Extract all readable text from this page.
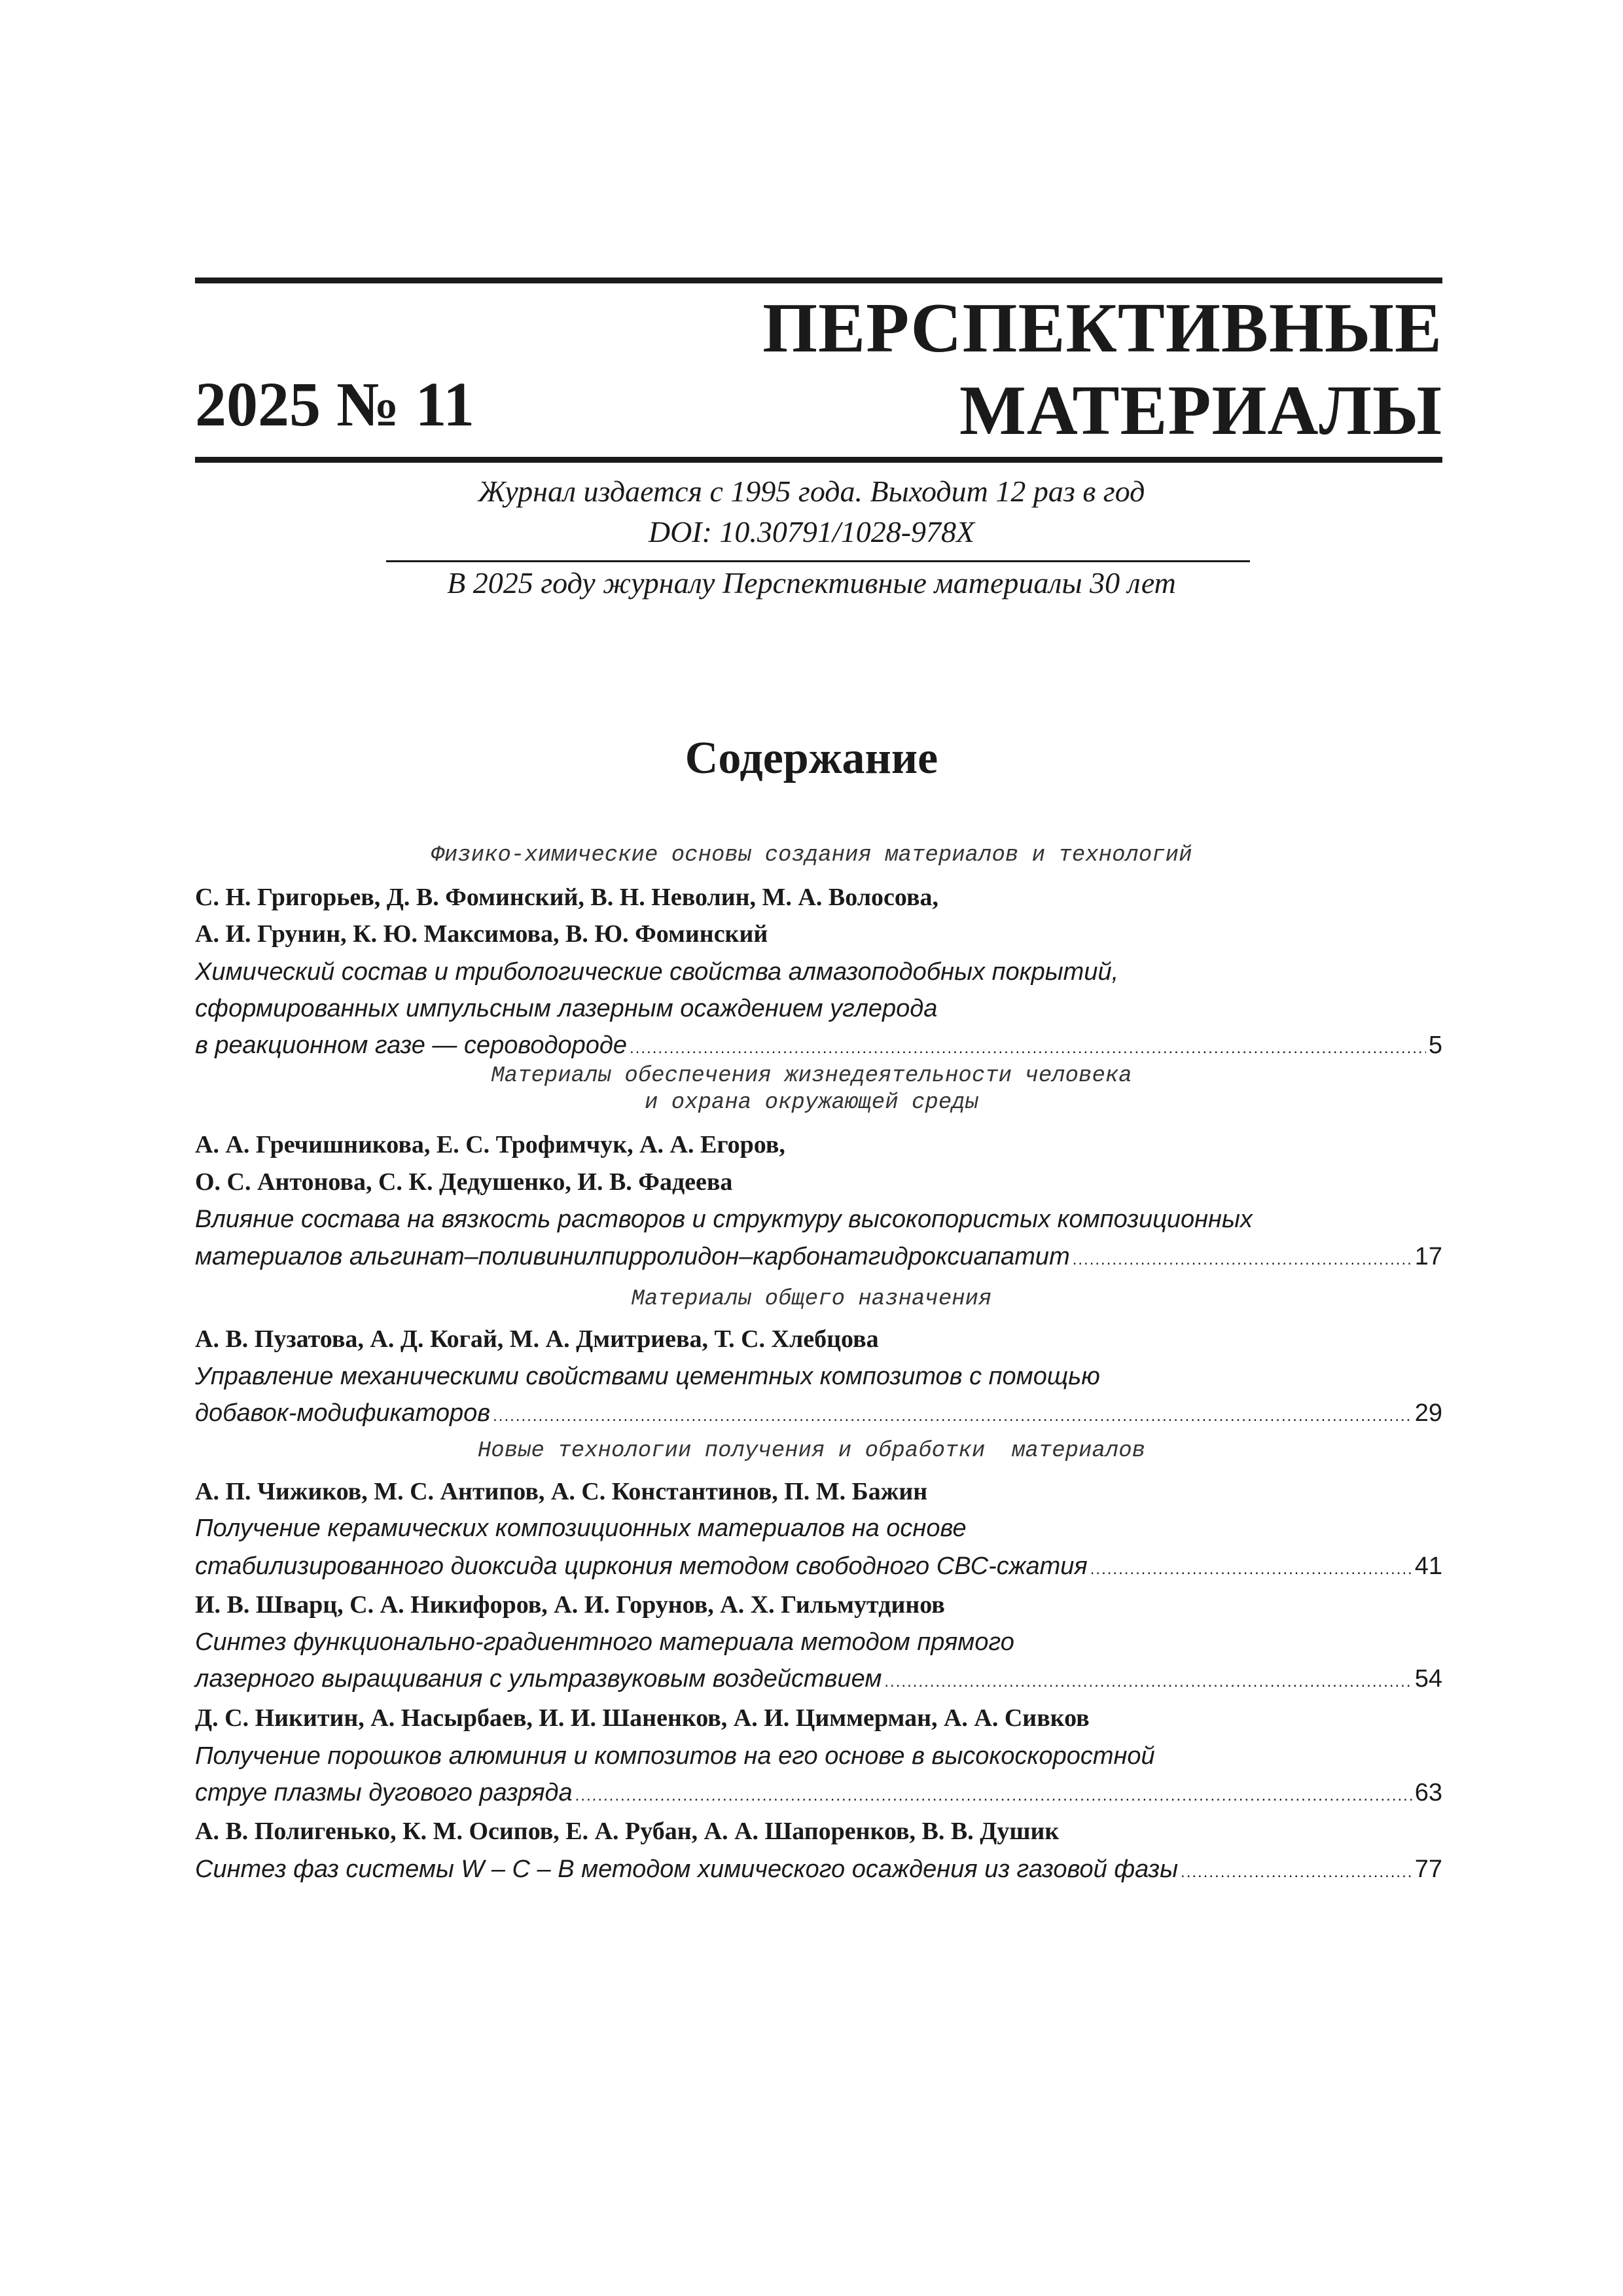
ПЕРСПЕКТИВНЫЕ
МАТЕРИАЛЫ
2025 № 11
Журнал издается с 1995 года. Выходит 12 раз в год
DOI: 10.30791/1028-978X
В 2025 году журналу Перспективные материалы 30 лет
Содержание
Физико-химические основы создания материалов и технологий
С. Н. Григорьев, Д. В. Фоминский, В. Н. Неволин, М. А. Волосова,
А. И. Грунин, К. Ю. Максимова, В. Ю. Фоминский
Химический состав и трибологические свойства алмазоподобных покрытий,
сформированных импульсным лазерным осаждением углерода
в реакционном газе — сероводороде .....	5
Материалы обеспечения жизнедеятельности человека
и охрана окружающей среды
А. А. Гречишникова, Е. С. Трофимчук, А. А. Егоров,
О. С. Антонова, С. К. Дедушенко, И. В. Фадеева
Влияние состава на вязкость растворов и структуру высокопористых композиционных
материалов альгинат–поливинилпирролидон–карбонатгидроксиапатит .....	17
Материалы общего назначения
А. В. Пузатова, А. Д. Когай, М. А. Дмитриева, Т. С. Хлебцова
Управление механическими свойствами цементных композитов с помощью
добавок-модификаторов .....	29
Новые технологии получения и обработки  материалов
А. П. Чижиков, М. С. Антипов, А. С. Константинов, П. М. Бажин
Получение керамических композиционных материалов на основе
стабилизированного диоксида циркония методом свободного СВС-сжатия .....	41
И. В. Шварц, С. А. Никифоров, А. И. Горунов, А. Х. Гильмутдинов
Синтез функционально-градиентного материала методом прямого
лазерного выращивания с ультразвуковым воздействием .....	54
Д. С. Никитин, А. Насырбаев, И. И. Шаненков, А. И. Циммерман, А. А. Сивков
Получение порошков алюминия и композитов на его основе в высокоскоростной
струе плазмы дугового разряда .....	63
А. В. Полигенько, К. М. Осипов, Е. А. Рубан, А. А. Шапоренков, В. В. Душик
Синтез фаз системы W – C – B методом химического осаждения из газовой фазы .....	77
